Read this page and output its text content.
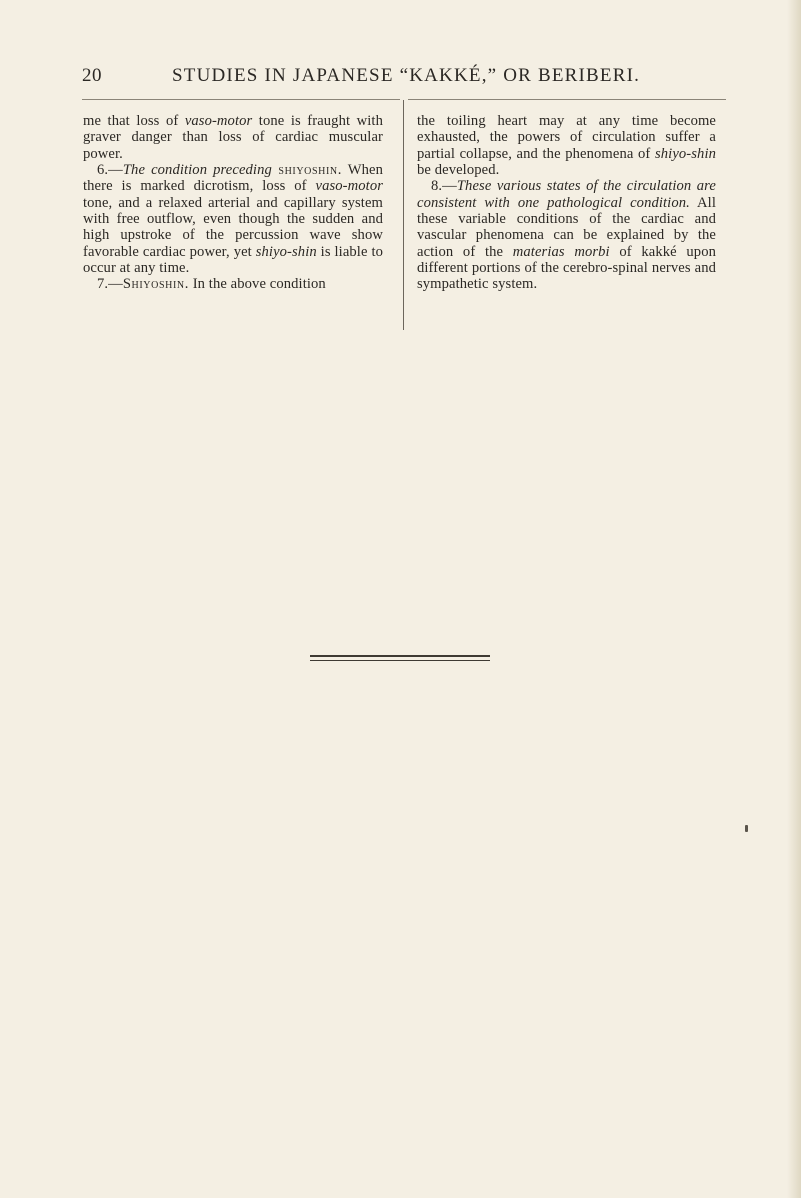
20	STUDIES IN JAPANESE “KAKKÉ,” OR BERIBERI.

me that loss of vaso-motor tone is fraught with graver danger than loss of cardiac muscular power.

6.—The condition preceding shiyoshin. When there is marked dicrotism, loss of vaso-motor tone, and a relaxed arterial and capillary system with free outflow, even though the sudden and high upstroke of the percussion wave show favorable cardiac power, yet shiyo-shin is liable to occur at any time.

7.—Shiyoshin. In the above condition

the toiling heart may at any time become exhausted, the powers of circulation suffer a partial collapse, and the phenomena of shiyo-shin be developed.

8.—These various states of the circulation are consistent with one pathological condition. All these variable conditions of the cardiac and vascular phenomena can be explained by the action of the materias morbi of kakké upon different portions of the cerebro-spinal nerves and sympathetic system.
